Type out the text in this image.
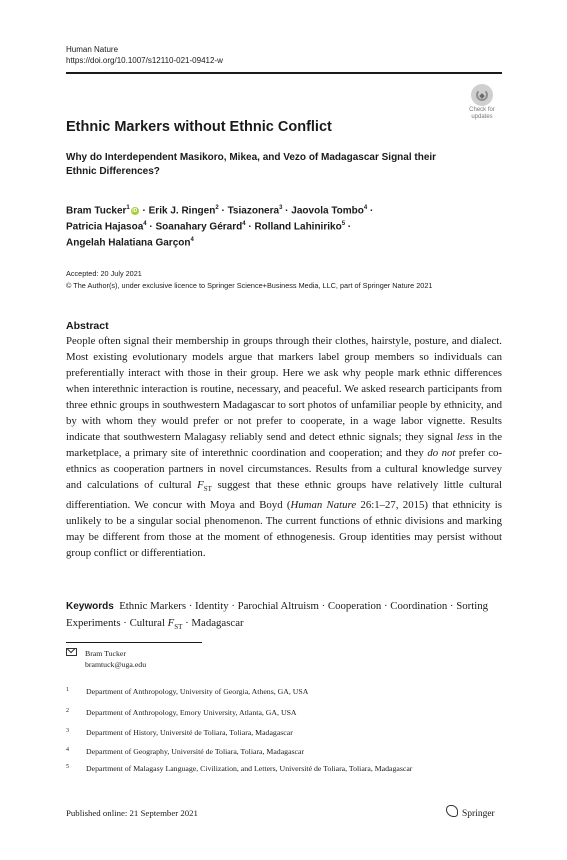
Human Nature
https://doi.org/10.1007/s12110-021-09412-w
Check for
updates
Ethnic Markers without Ethnic Conflict
Why do Interdependent Masikoro, Mikea, and Vezo of Madagascar Signal their Ethnic Differences?
Bram Tucker$^1$iD · Erik J. Ringen$^2$ · Tsiazonera$^3$ · Jaovola Tombo$^4$ ·
Patricia Hajasoa$^4$ · Soanahary Gérard$^4$ · Rolland Lahiniriko$^5$ ·
Angelah Halatiana Garçon$^4$
Accepted: 20 July 2021
© The Author(s), under exclusive licence to Springer Science+Business Media, LLC, part of Springer Nature 2021
Abstract
People often signal their membership in groups through their clothes, hairstyle, posture, and dialect. Most existing evolutionary models argue that markers label group members so individuals can preferentially interact with those in their group. Here we ask why people mark ethnic differences when interethnic interaction is routine, necessary, and peaceful. We asked research participants from three ethnic groups in southwestern Madagascar to sort photos of unfamiliar people by ethnicity, and by with whom they would prefer or not prefer to cooperate, in a wage labor vignette. Results indicate that southwestern Malagasy reliably send and detect ethnic signals; they signal less in the marketplace, a primary site of interethnic coordination and cooperation; and they do not prefer co-ethnics as cooperation partners in novel circumstances. Results from a cultural knowledge survey and calculations of cultural $F_{ST}$ suggest that these ethnic groups have relatively little cultural differentiation. We concur with Moya and Boyd (Human Nature 26:1–27, 2015) that ethnicity is unlikely to be a singular social phenomenon. The current functions of ethnic divisions and marking may be different from those at the moment of ethnogenesis. Group identities may persist without group conflict or differentiation.
Keywords Ethnic Markers · Identity · Parochial Altruism · Cooperation · Coordination · Sorting Experiments · Cultural $F_{ST}$ · Madagascar
Bram Tucker
bramtuck@uga.edu
1 Department of Anthropology, University of Georgia, Athens, GA, USA
2 Department of Anthropology, Emory University, Atlanta, GA, USA
3 Department of History, Université de Toliara, Toliara, Madagascar
4 Department of Geography, Université de Toliara, Toliara, Madagascar
5 Department of Malagasy Language, Civilization, and Letters, Université de Toliara, Toliara, Madagascar
Published online: 21 September 2021	Springer
